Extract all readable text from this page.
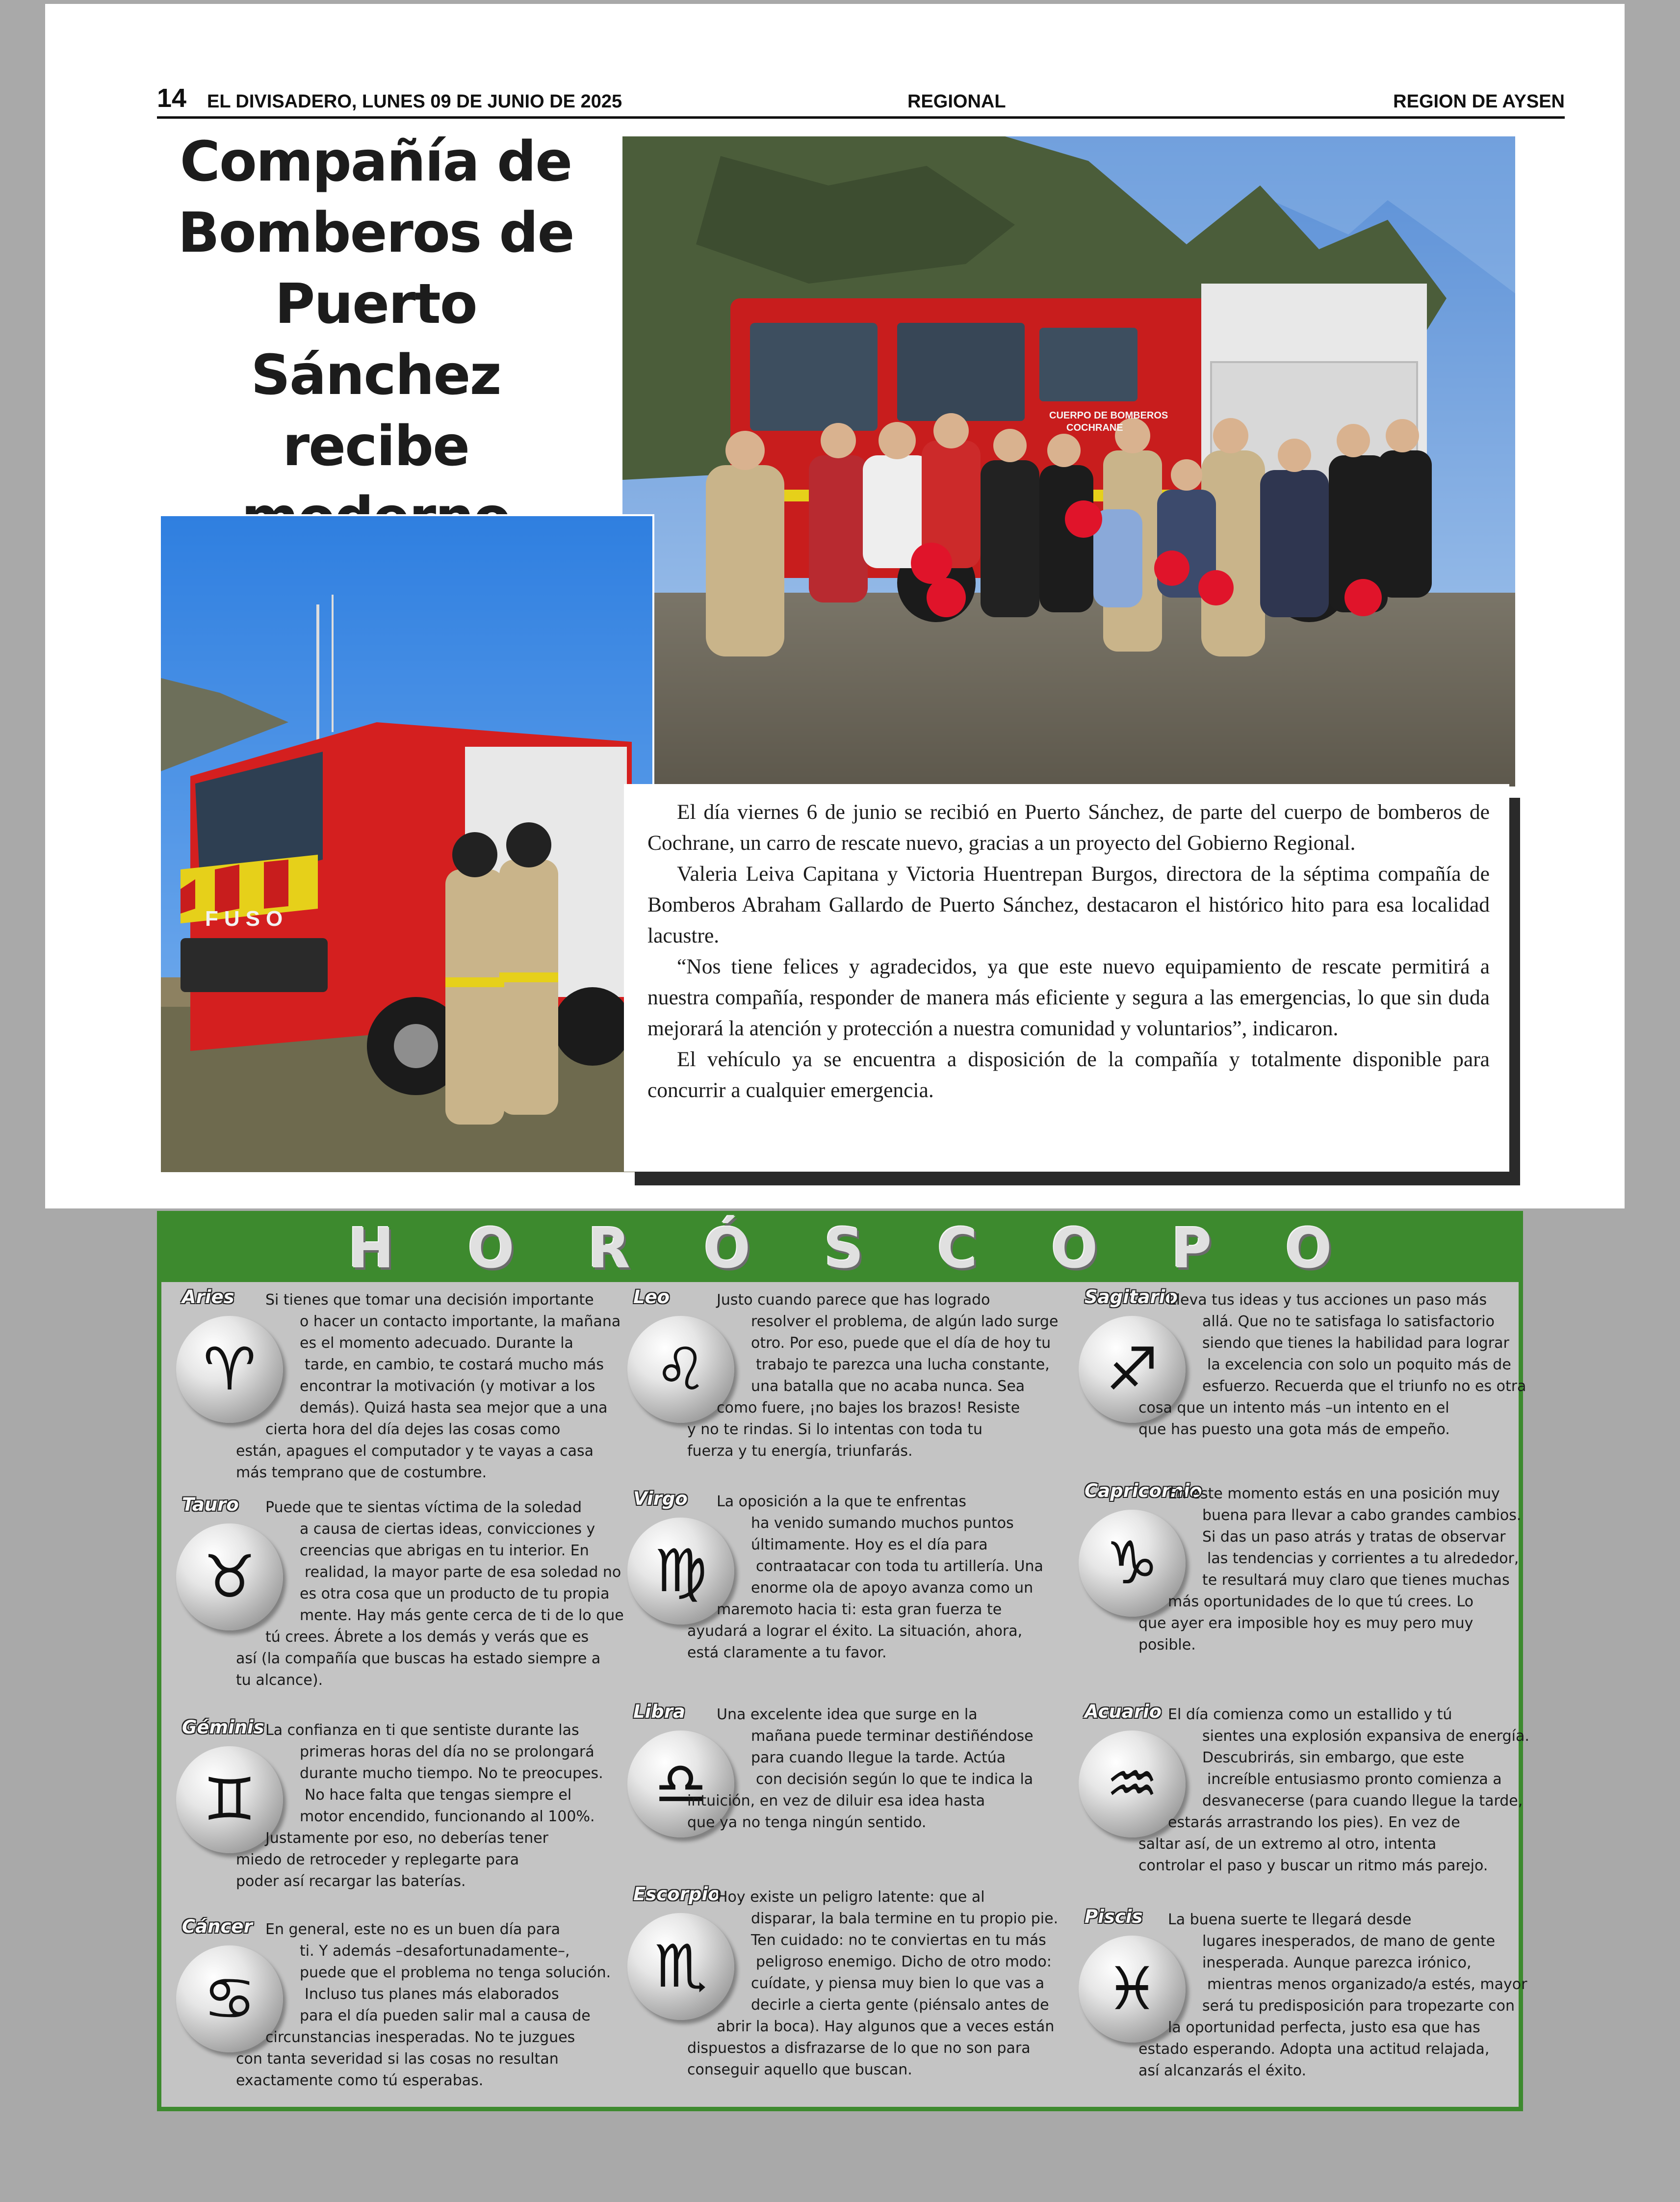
14 EL DIVISADERO, LUNES 09 DE JUNIO DE 2025	REGIONAL	REGION DE AYSEN
Compañía de
Bomberos de
Puerto Sánchez
recibe	CUERPO DE BOMBEROS
COCHRANE
FUSO

El día viernes 6 de junio se recibió en Puerto Sánchez, de parte del cuerpo de bomberos de Cochrane, un carro de rescate nuevo, gracias a un proyecto del Gobierno Regional.

Valeria Leiva Capitana y Victoria Huentrepan Burgos, directora de la séptima compañía de Bomberos Abraham Gallardo de Puerto Sánchez, destacaron el histórico hito para esa localidad lacustre.

“Nos tiene felices y agradecidos, ya que este nuevo equipamiento de rescate permitirá a nuestra compañía, responder de manera más eficiente y segura a las emergencias, lo que sin duda mejorará la atención y protección a nuestra comunidad y voluntarios”, indicaron.

El vehículo ya se encuentra a disposición de la compañía y totalmente disponible para concurrir a cualquier emergencia.

HORÓSCOPO
Aries
♈
Si tienes que tomar una decisión importante
o hacer un contacto importante, la mañana
es el momento adecuado. Durante la
tarde, en cambio, te costará mucho más
encontrar la motivación (y motivar a los
demás). Quizá hasta sea mejor que a una
cierta hora del día dejes las cosas como
están, apagues el computador y te vayas a casa
más temprano que de costumbre.
Tauro
♉
Puede que te sientas víctima de la soledad
a causa de ciertas ideas, convicciones y
creencias que abrigas en tu interior. En
realidad, la mayor parte de esa soledad no
es otra cosa que un producto de tu propia
mente. Hay más gente cerca de ti de lo que
tú crees. Ábrete a los demás y verás que es
así (la compañía que buscas ha estado siempre a
tu alcance).
Géminis
♊
La confianza en ti que sentiste durante las
primeras horas del día no se prolongará
durante mucho tiempo. No te preocupes.
No hace falta que tengas siempre el
motor encendido, funcionando al 100%.
Justamente por eso, no deberías tener
miedo de retroceder y replegarte para
poder así recargar las baterías.
Cáncer
♋
En general, este no es un buen día para
ti. Y además –desafortunadamente–,
puede que el problema no tenga solución.
Incluso tus planes más elaborados
para el día pueden salir mal a causa de
circunstancias inesperadas. No te juzgues
con tanta severidad si las cosas no resultan
exactamente como tú esperabas.
Leo
♌
Justo cuando parece que has logrado
resolver el problema, de algún lado surge
otro. Por eso, puede que el día de hoy tu
trabajo te parezca una lucha constante,
una batalla que no acaba nunca. Sea
como fuere, ¡no bajes los brazos! Resiste
y no te rindas. Si lo intentas con toda tu
fuerza y tu energía, triunfarás.
Virgo
♍
La oposición a la que te enfrentas
ha venido sumando muchos puntos
últimamente. Hoy es el día para
contraatacar con toda tu artillería. Una
enorme ola de apoyo avanza como un
maremoto hacia ti: esta gran fuerza te
ayudará a lograr el éxito. La situación, ahora,
está claramente a tu favor.
Libra
♎
Una excelente idea que surge en la
mañana puede terminar destiñéndose
para cuando llegue la tarde. Actúa
con decisión según lo que te indica la
intuición, en vez de diluir esa idea hasta
que ya no tenga ningún sentido.
Escorpio
♏
Hoy existe un peligro latente: que al
disparar, la bala termine en tu propio pie.
Ten cuidado: no te conviertas en tu más
peligroso enemigo. Dicho de otro modo:
cuídate, y piensa muy bien lo que vas a
decirle a cierta gente (piénsalo antes de
abrir la boca). Hay algunos que a veces están
dispuestos a disfrazarse de lo que no son para
conseguir aquello que buscan.
Sagitario
♐
Lleva tus ideas y tus acciones un paso más
allá. Que no te satisfaga lo satisfactorio
siendo que tienes la habilidad para lograr
la excelencia con solo un poquito más de
esfuerzo. Recuerda que el triunfo no es otra
cosa que un intento más –un intento en el
que has puesto una gota más de empeño.
Capricornio
♑
En este momento estás en una posición muy
buena para llevar a cabo grandes cambios.
Si das un paso atrás y tratas de observar
las tendencias y corrientes a tu alrededor,
te resultará muy claro que tienes muchas
más oportunidades de lo que tú crees. Lo
que ayer era imposible hoy es muy pero muy
posible.
Acuario
♒
El día comienza como un estallido y tú
sientes una explosión expansiva de energía.
Descubrirás, sin embargo, que este
increíble entusiasmo pronto comienza a
desvanecerse (para cuando llegue la tarde,
estarás arrastrando los pies). En vez de
saltar así, de un extremo al otro, intenta
controlar el paso y buscar un ritmo más parejo.
Piscis
♓
La buena suerte te llegará desde
lugares inesperados, de mano de gente
inesperada. Aunque parezca irónico,
mientras menos organizado/a estés, mayor
será tu predisposición para tropezarte con
la oportunidad perfecta, justo esa que has
estado esperando. Adopta una actitud relajada,
así alcanzarás el éxito.
